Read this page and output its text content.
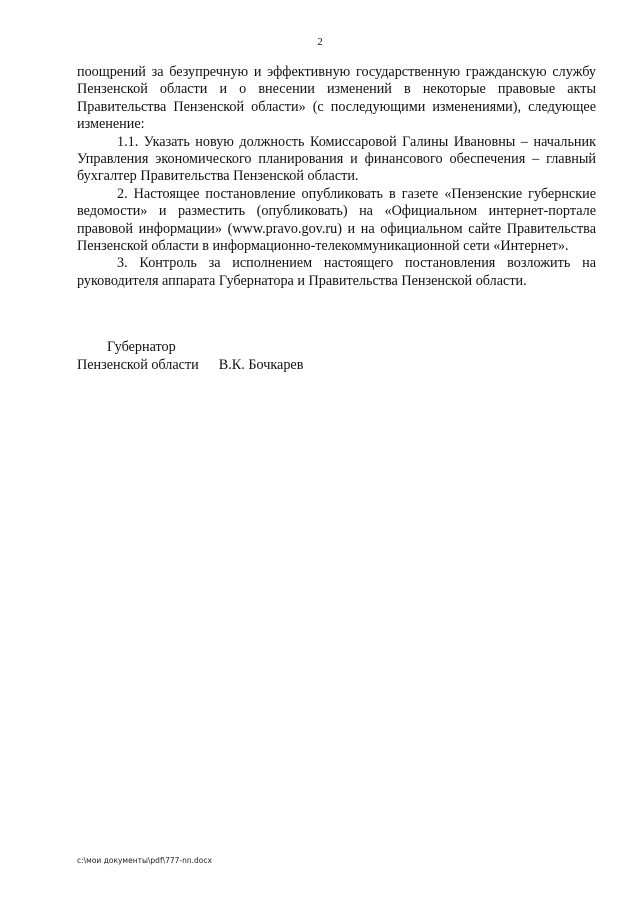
2

поощрений за безупречную и эффективную государственную гражданскую службу Пензенской области и о внесении изменений в некоторые правовые акты Правительства Пензенской области» (с последующими изменениями), следующее изменение:

1.1. Указать новую должность Комиссаровой Галины Ивановны – начальник Управления экономического планирования и финансового обеспечения – главный бухгалтер Правительства Пензенской области.

2. Настоящее постановление опубликовать в газете «Пензенские губернские ведомости» и разместить (опубликовать) на «Официальном интернет-портале правовой информации» (www.pravo.gov.ru) и на официальном сайте Правительства Пензенской области в информационно-телекоммуникационной сети «Интернет».

3. Контроль за исполнением настоящего постановления возложить на руководителя аппарата Губернатора и Правительства Пензенской области.

Губернатор
Пензенской области В.К. Бочкарев
c:\мои документы\pdf\777-nn.docx
